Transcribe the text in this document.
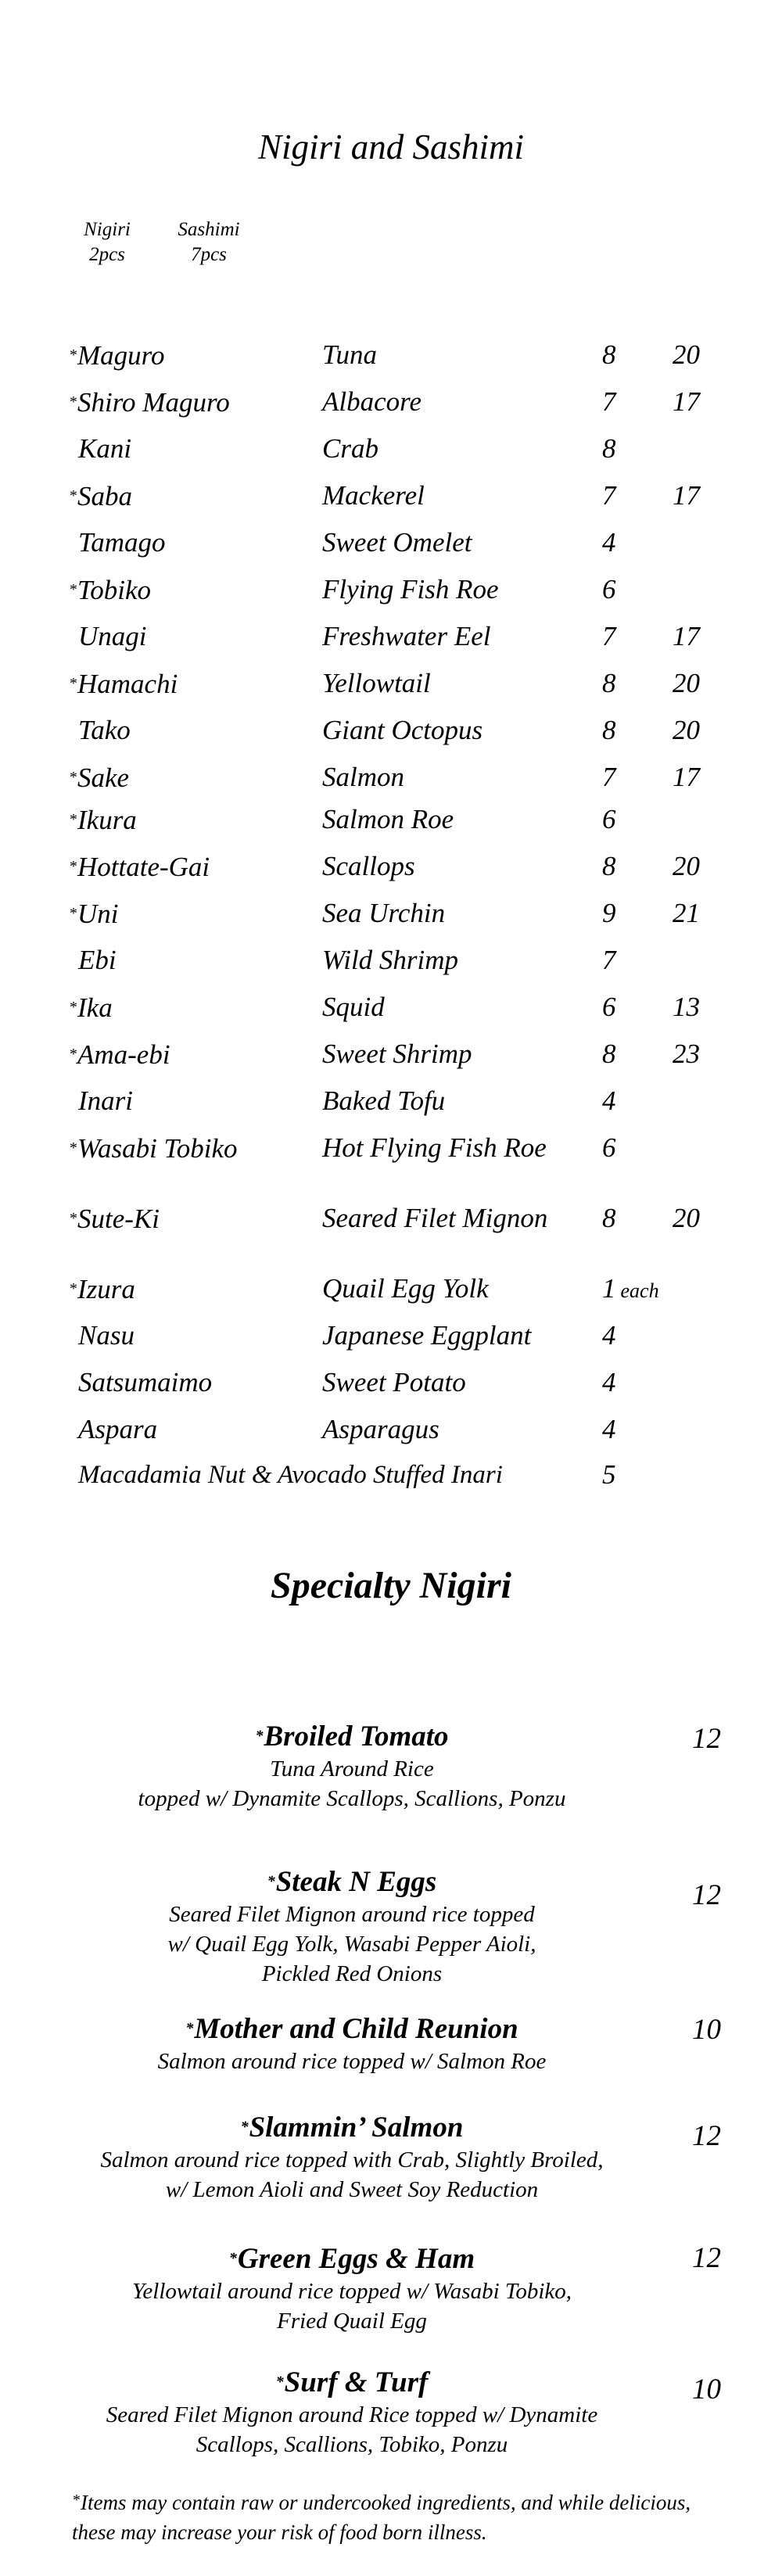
Nigiri and Sashimi
Nigiri
2pcs
Sashimi
7pcs
*Maguro	Tuna	8 20
*Shiro Maguro	Albacore	7 17
Kani	Crab	8
*Saba	Mackerel	7 17
Tamago	Sweet Omelet	4
*Tobiko	Flying Fish Roe	6
Unagi	Freshwater Eel	7 17
*Hamachi	Yellowtail	8 20
Tako	Giant Octopus	8 20
*Sake	Salmon	7 17
*Ikura	Salmon Roe	6
*Hottate-Gai	Scallops	8 20
*Uni	Sea Urchin	9 21
Ebi	Wild Shrimp	7
*Ika	Squid	6 13
*Ama-ebi	Sweet Shrimp	8 23
Inari	Baked Tofu	4
*Wasabi Tobiko	Hot Flying Fish Roe	6
*Sute-Ki	Seared Filet Mignon	8 20
*Izura	Quail Egg Yolk	1 each
Nasu	Japanese Eggplant	4
Satsumaimo	Sweet Potato	4
Aspara	Asparagus	4
Macadamia Nut & Avocado Stuffed Inari	5
Specialty Nigiri
*Broiled Tomato
Tuna Around Rice
topped w/ Dynamite Scallops, Scallions, Ponzu
12
*Steak N Eggs
Seared Filet Mignon around rice topped
w/ Quail Egg Yolk, Wasabi Pepper Aioli,
Pickled Red Onions
12
*Mother and Child Reunion
Salmon around rice topped w/ Salmon Roe
10
*Slammin’ Salmon
Salmon around rice topped with Crab, Slightly Broiled,
w/ Lemon Aioli and Sweet Soy Reduction
12
*Green Eggs & Ham
Yellowtail around rice topped w/ Wasabi Tobiko,
Fried Quail Egg
12
*Surf & Turf
Seared Filet Mignon around Rice topped w/ Dynamite
Scallops, Scallions, Tobiko, Ponzu
10
*Items may contain raw or undercooked ingredients, and while delicious, these may increase your risk of food born illness.
